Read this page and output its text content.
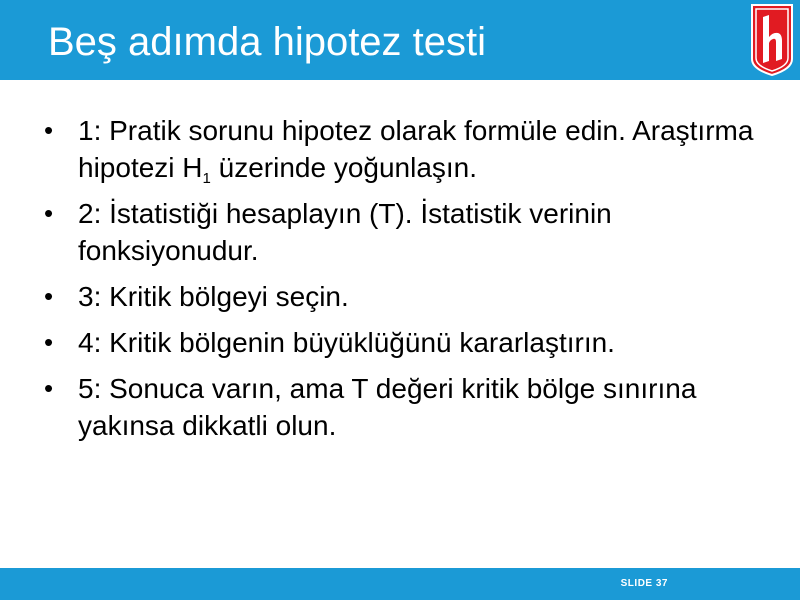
Beş adımda hipotez testi
• 1: Pratik sorunu hipotez olarak formüle edin. Araştırma hipotezi $H_1$ üzerinde yoğunlaşın.
• 2: İstatistiği hesaplayın (T). İstatistik verinin fonksiyonudur.
• 3: Kritik bölgeyi seçin.
• 4: Kritik bölgenin büyüklüğünü kararlaştırın.
• 5: Sonuca varın, ama T değeri kritik bölge sınırına yakınsa dikkatli olun.
SLIDE 37
